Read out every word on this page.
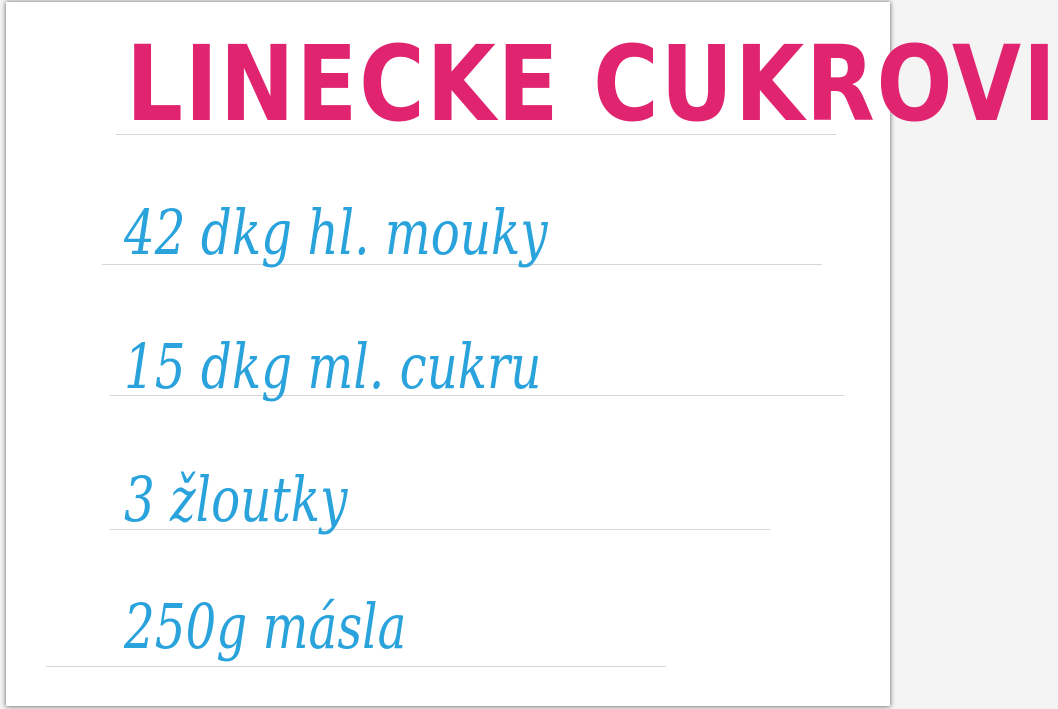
LINECKE CUKROVI
42 dkg hl. mouky
15 dkg ml. cukru
3 žloutky
250g másla
